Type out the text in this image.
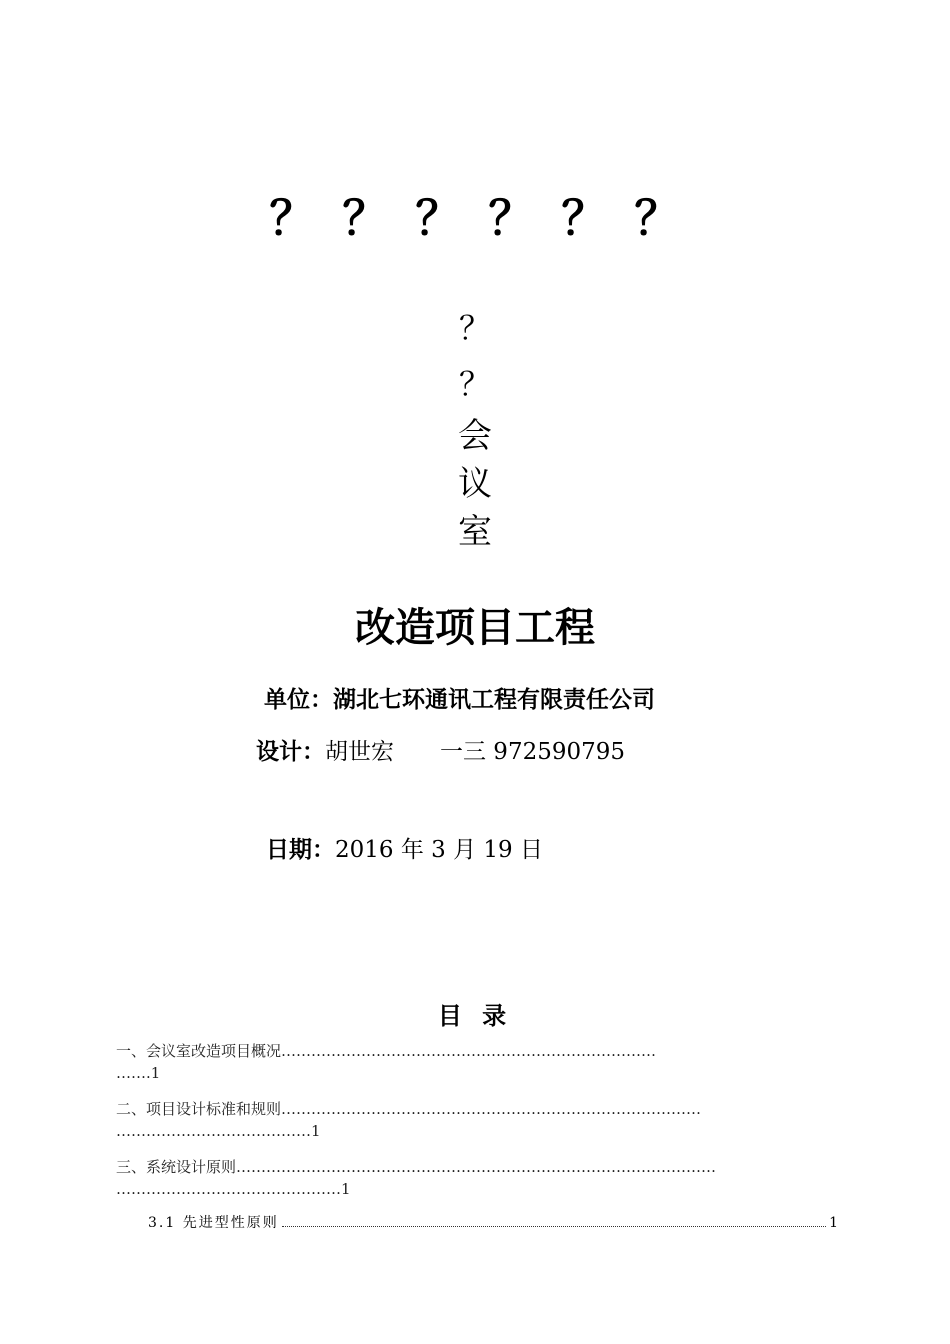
？ ？ ？ ？ ？ ？
？
？
会
议
室
改造项目工程
单位：湖北七环通讯工程有限责任公司
设计：胡世宏　　一三 972590795
日期：2016 年 3 月 19 日
目 录
一、会议室改造项目概况…………………………………………………………………
…….1
二、项目设计标准和规则…………………………………………………………………………
…………………………………1
三、系统设计原则……………………………………………………………………………………
………………………………………1
3.1 先进型性原则	1
